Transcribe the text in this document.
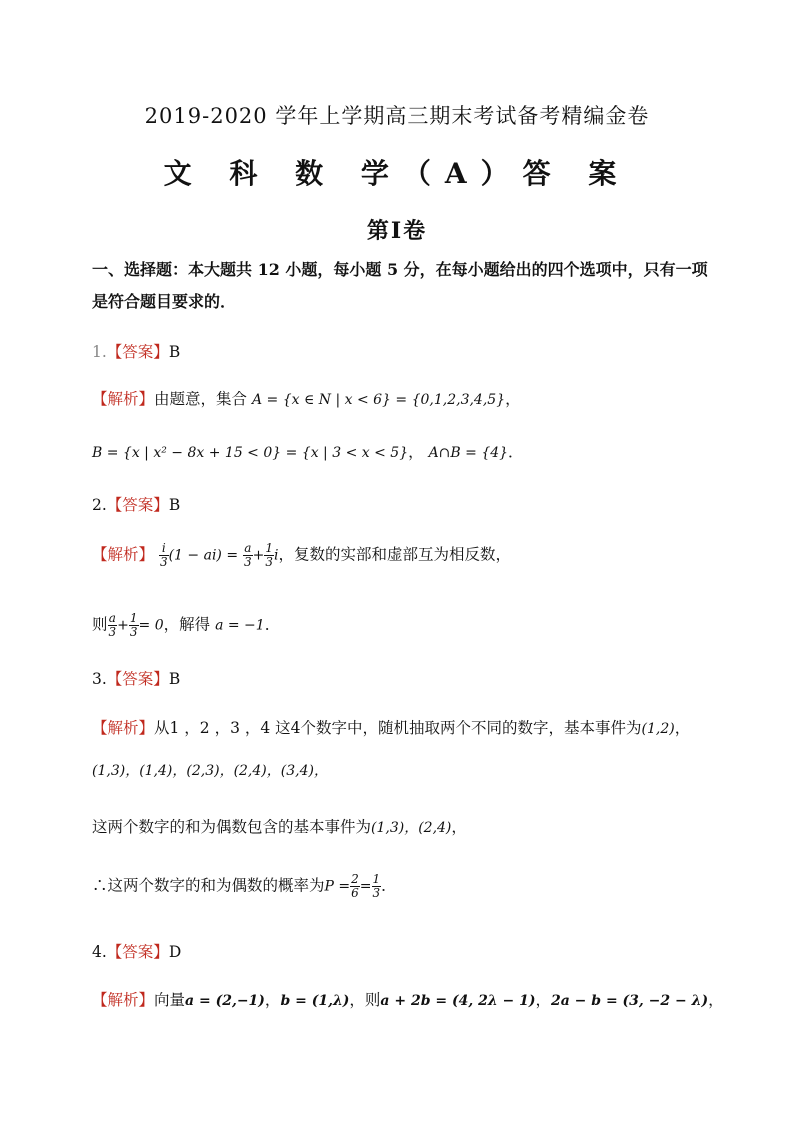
2019-2020 学年上学期高三期末考试备考精编金卷
文 科 数 学（A）答 案
第Ⅰ卷
一、选择题：本大题共 12 小题，每小题 5 分，在每小题给出的四个选项中，只有一项是符合题目要求的．
1.【答案】B
【解析】由题意，集合 A = {x ∈ N | x < 6} = {0,1,2,3,4,5}，
B = {x | x² − 8x + 15 < 0} = {x | 3 < x < 5}， A∩B = {4}．
2.【答案】B
【解析】 $\frac{i}{3} (1 - ai) = \frac{a}{3} + \frac{1}{3}$ i，复数的实部和虚部互为相反数，
则 $\frac{a}{3} + \frac{1}{3} = 0$，解得 a = −1．
3.【答案】B
【解析】从1 ，2 ，3 ，4 这4个数字中，随机抽取两个不同的数字，基本事件为(1,2)，
(1,3)，(1,4)，(2,3)，(2,4)，(3,4)，
这两个数字的和为偶数包含的基本事件为(1,3)，(2,4)，
∴这两个数字的和为偶数的概率为$P = \frac{2}{6} = \frac{1}{3}$ ．
4.【答案】D
【解析】向量a = (2,−1)，b = (1,λ)，则a + 2b = (4, 2λ − 1)，2a − b = (3, −2 − λ)，
